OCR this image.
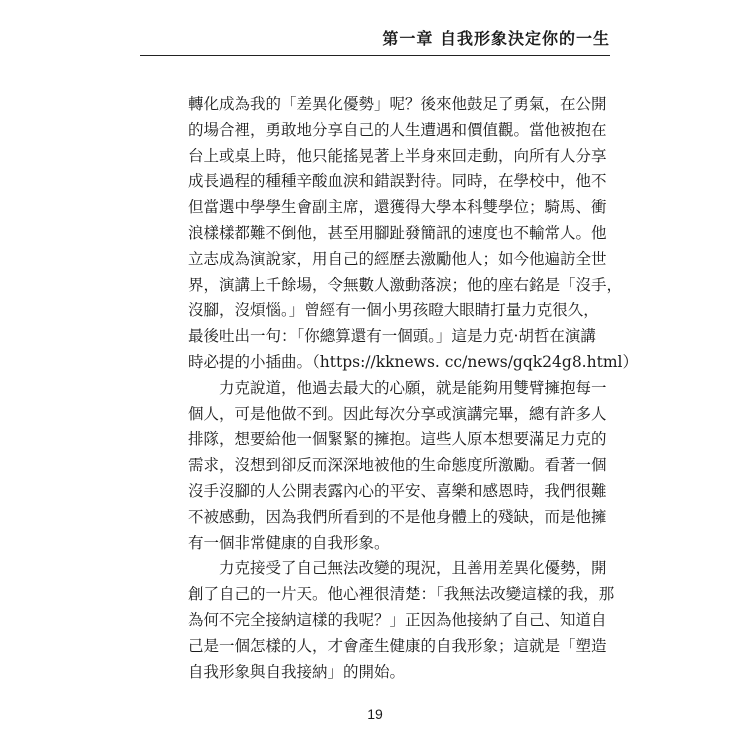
第一章 自我形象決定你的一生
轉化成為我的「差異化優勢」呢？後來他鼓足了勇氣，在公開
的場合裡，勇敢地分享自己的人生遭遇和價值觀。當他被抱在
台上或桌上時，他只能搖晃著上半身來回走動，向所有人分享
成長過程的種種辛酸血淚和錯誤對待。同時，在學校中，他不
但當選中學學生會副主席，還獲得大學本科雙學位；騎馬、衝
浪樣樣都難不倒他，甚至用腳趾發簡訊的速度也不輸常人。他
立志成為演說家，用自己的經歷去激勵他人；如今他遍訪全世
界，演講上千餘場，令無數人激動落淚；他的座右銘是「沒手，
沒腳，沒煩惱。」曾經有一個小男孩瞪大眼睛打量力克很久，
最後吐出一句：「你總算還有一個頭。」這是力克·胡哲在演講
時必提的小插曲。（https://kknews. cc/news/gqk24g8.html）
　　力克說道，他過去最大的心願，就是能夠用雙臂擁抱每一
個人，可是他做不到。因此每次分享或演講完畢，總有許多人
排隊，想要給他一個緊緊的擁抱。這些人原本想要滿足力克的
需求，沒想到卻反而深深地被他的生命態度所激勵。看著一個
沒手沒腳的人公開表露內心的平安、喜樂和感恩時，我們很難
不被感動，因為我們所看到的不是他身體上的殘缺，而是他擁
有一個非常健康的自我形象。
　　力克接受了自己無法改變的現況，且善用差異化優勢，開
創了自己的一片天。他心裡很清楚：「我無法改變這樣的我，那
為何不完全接納這樣的我呢？」正因為他接納了自己、知道自
己是一個怎樣的人，才會產生健康的自我形象；這就是「塑造
自我形象與自我接納」的開始。
19
